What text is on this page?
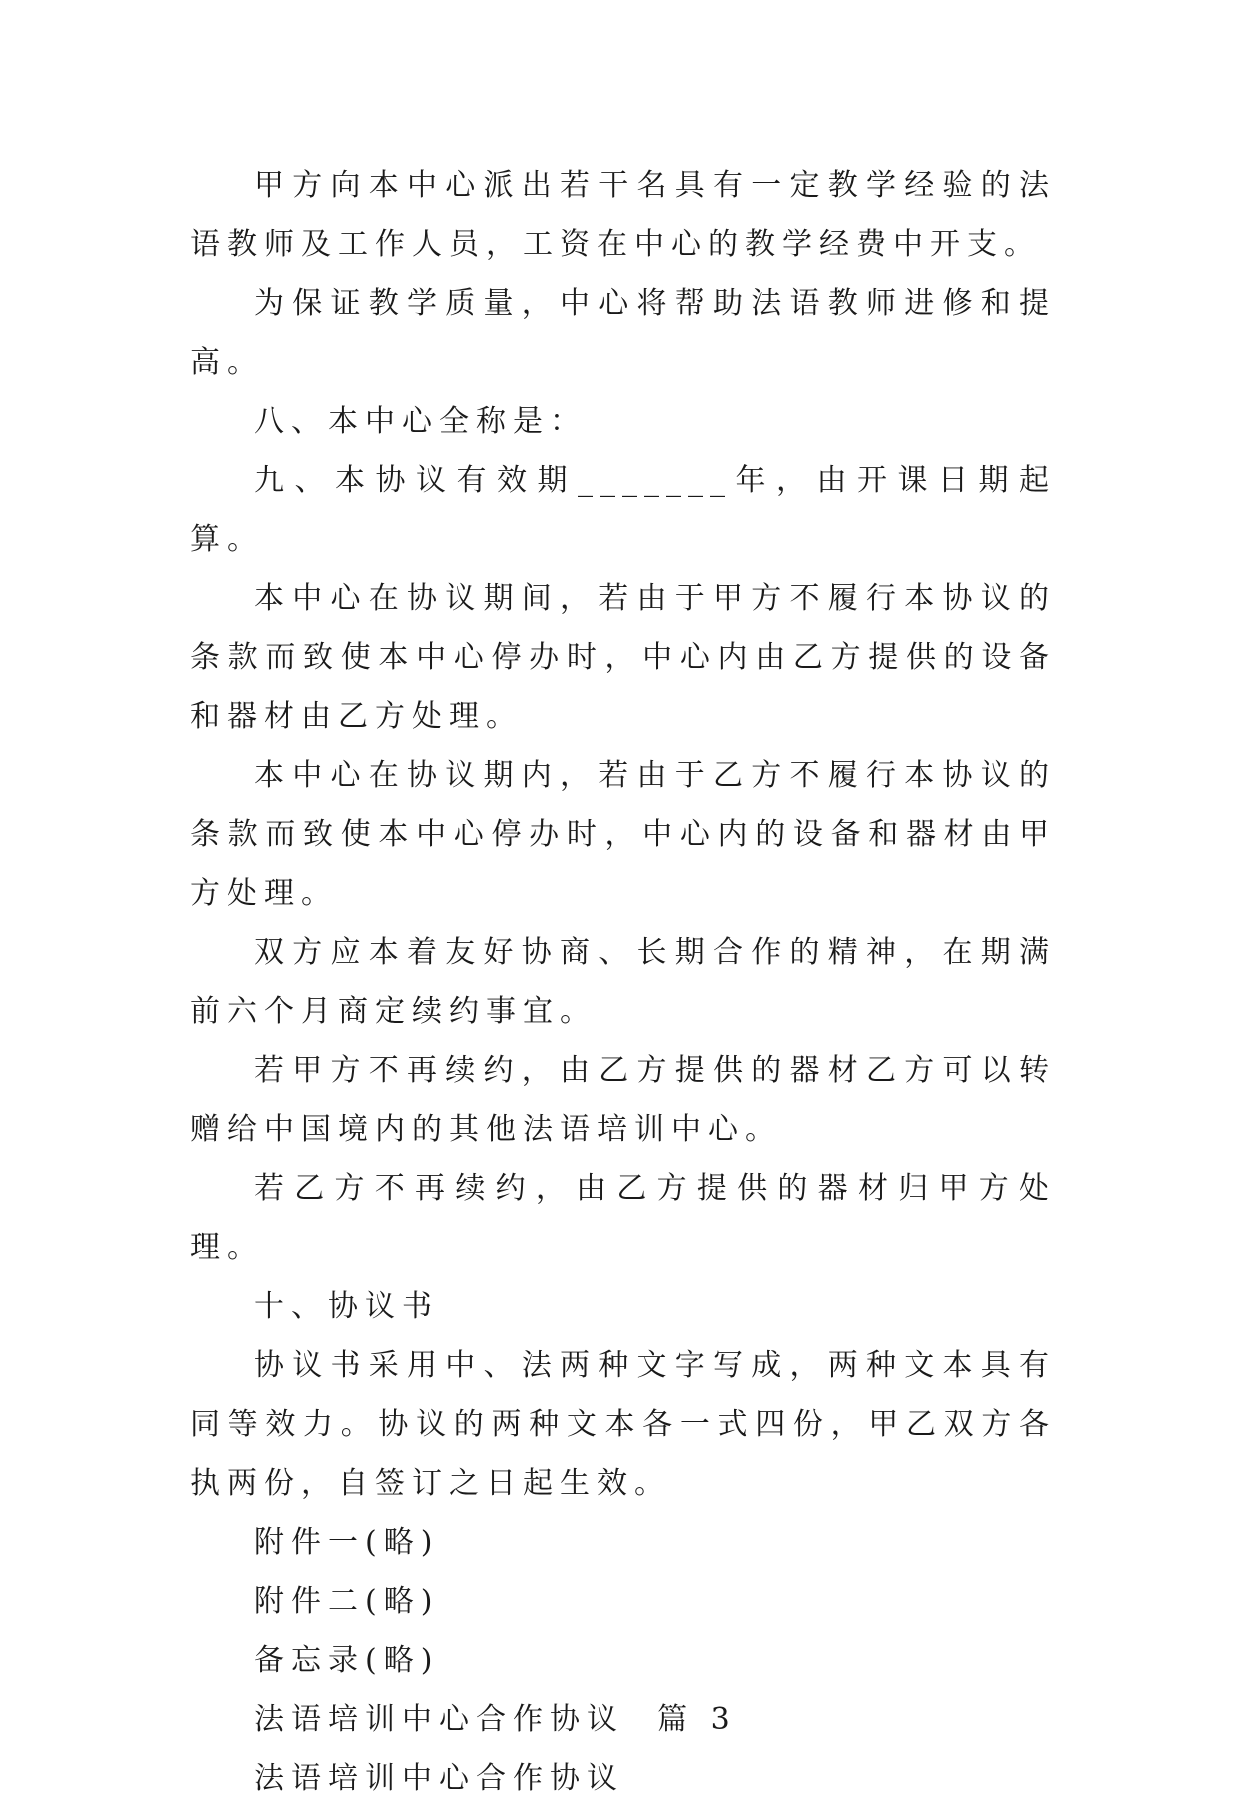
甲方向本中心派出若干名具有一定教学经验的法语教师及工作人员，工资在中心的教学经费中开支。

为保证教学质量，中心将帮助法语教师进修和提高。

八、本中心全称是：

九、本协议有效期_______年，由开课日期起算。

本中心在协议期间，若由于甲方不履行本协议的条款而致使本中心停办时，中心内由乙方提供的设备和器材由乙方处理。

本中心在协议期内，若由于乙方不履行本协议的条款而致使本中心停办时，中心内的设备和器材由甲方处理。

双方应本着友好协商、长期合作的精神，在期满前六个月商定续约事宜。

若甲方不再续约，由乙方提供的器材乙方可以转赠给中国境内的其他法语培训中心。

若乙方不再续约，由乙方提供的器材归甲方处理。

十、协议书

协议书采用中、法两种文字写成，两种文本具有同等效力。协议的两种文本各一式四份，甲乙双方各执两份，自签订之日起生效。

附件一(略)

附件二(略)

备忘录(略)

法语培训中心合作协议  篇 3

法语培训中心合作协议
